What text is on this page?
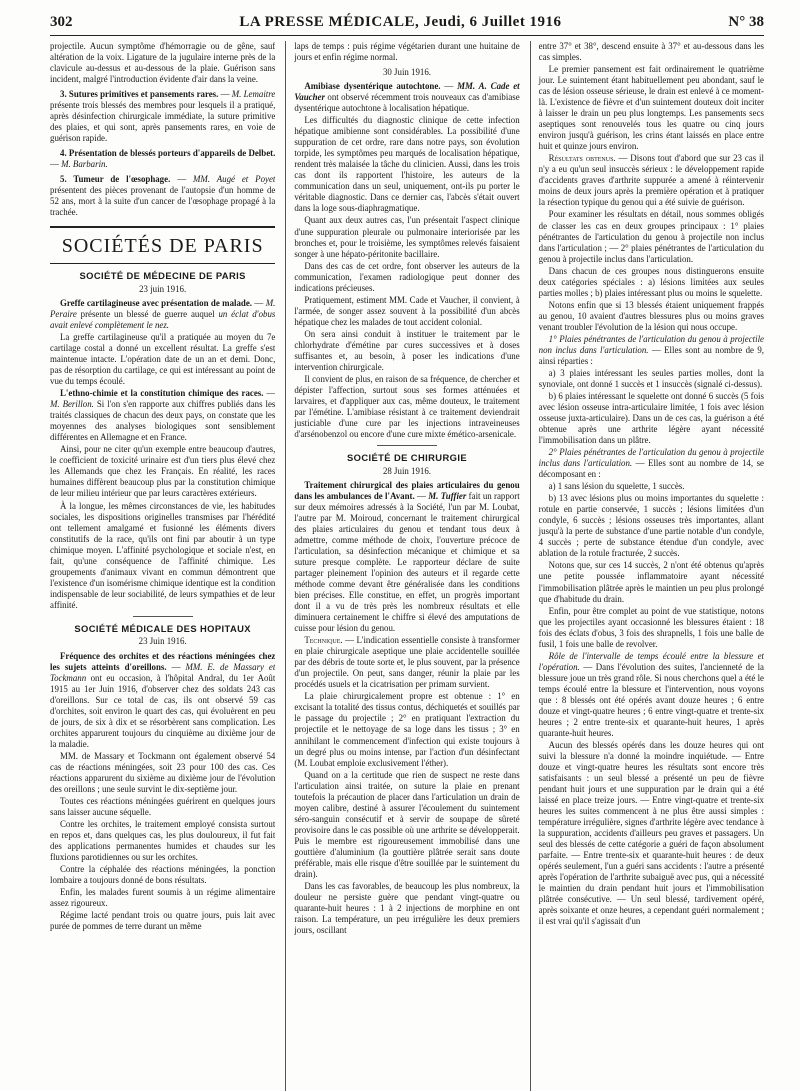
302	LA PRESSE MÉDICALE, Jeudi, 6 Juillet 1916	N° 38

projectile. Aucun symptôme d'hémorragie ou de gêne, sauf altération de la voix. Ligature de la jugulaire interne près de la clavicule au-dessus et au-dessous de la plaie. Guérison sans incident, malgré l'introduction évidente d'air dans la veine.

3. Sutures primitives et pansements rares. — M. Lemaitre présente trois blessés des membres pour lesquels il a pratiqué, après désinfection chirurgicale immédiate, la suture primitive des plaies, et qui sont, après pansements rares, en voie de guérison rapide.
4. Présentation de blessés porteurs d'appareils de Delbet. — M. Barbarin.
5. Tumeur de l'œsophage. — MM. Augé et Poyet présentent des pièces provenant de l'autopsie d'un homme de 52 ans, mort à la suite d'un cancer de l'œsophage propagé à la trachée.
SOCIÉTÉS DE PARIS
SOCIÉTÉ DE MÉDECINE DE PARIS
23 juin 1916.

Greffe cartilagineuse avec présentation de malade. — M. Peraire présente un blessé de guerre auquel un éclat d'obus avait enlevé complètement le nez.

La greffe cartilagineuse qu'il a pratiquée au moyen du 7e cartilage costal a donné un excellent résultat. La greffe s'est maintenue intacte. L'opération date de un an et demi. Donc, pas de résorption du cartilage, ce qui est intéressant au point de vue du temps écoulé.

L'ethno-chimie et la constitution chimique des races. — M. Berillon. Si l'on s'en rapporte aux chiffres publiés dans les traités classiques de chacun des deux pays, on constate que les moyennes des analyses biologiques sont sensiblement différentes en Allemagne et en France.

Ainsi, pour ne citer qu'un exemple entre beaucoup d'autres, le coefficient de toxicité urinaire est d'un tiers plus élevé chez les Allemands que chez les Français. En réalité, les races humaines diffèrent beaucoup plus par la constitution chimique de leur milieu intérieur que par leurs caractères extérieurs.

À la longue, les mêmes circonstances de vie, les habitudes sociales, les dispositions originelles transmises par l'hérédité ont tellement amalgamé et fusionné les éléments divers constitutifs de la race, qu'ils ont fini par aboutir à un type chimique moyen. L'affinité psychologique et sociale n'est, en fait, qu'une conséquence de l'affinité chimique. Les groupements d'animaux vivant en commun démontrent que l'existence d'un isomérisme chimique identique est la condition indispensable de leur sociabilité, de leurs sympathies et de leur affinité.

SOCIÉTÉ MÉDICALE DES HOPITAUX
23 Juin 1916.

Fréquence des orchites et des réactions méningées chez les sujets atteints d'oreillons. — MM. E. de Massary et Tockmann ont eu occasion, à l'hôpital Andral, du 1er Août 1915 au 1er Juin 1916, d'observer chez des soldats 243 cas d'oreillons. Sur ce total de cas, ils ont observé 59 cas d'orchites, soit environ le quart des cas, qui évoluèrent en peu de jours, de six à dix et se résorbèrent sans complication. Les orchites apparurent toujours du cinquième au dixième jour de la maladie.

MM. de Massary et Tockmann ont également observé 54 cas de réactions méningées, soit 23 pour 100 des cas. Ces réactions apparurent du sixième au dixième jour de l'évolution des oreillons ; une seule survint le dix-septième jour.

Toutes ces réactions méningées guérirent en quelques jours sans laisser aucune séquelle.

Contre les orchites, le traitement employé consista surtout en repos et, dans quelques cas, les plus douloureux, il fut fait des applications permanentes humides et chaudes sur les fluxions parotidiennes ou sur les orchites.

Contre la céphalée des réactions méningées, la ponction lombaire a toujours donné de bons résultats.

Enfin, les malades furent soumis à un régime alimentaire assez rigoureux.

Régime lacté pendant trois ou quatre jours, puis lait avec purée de pommes de terre durant un même

laps de temps : puis régime végétarien durant une huitaine de jours et enfin régime normal.

30 Juin 1916.

Amibiase dysentérique autochtone. — MM. A. Cade et Vaucher ont observé récemment trois nouveaux cas d'amibiase dysentérique autochtone à localisation hépatique.

Les difficultés du diagnostic clinique de cette infection hépatique amibienne sont considérables. La possibilité d'une suppuration de cet ordre, rare dans notre pays, son évolution torpide, les symptômes peu marqués de localisation hépatique, rendent très malaisée la tâche du clinicien. Aussi, dans les trois cas dont ils rapportent l'histoire, les auteurs de la communication dans un seul, uniquement, ont-ils pu porter le véritable diagnostic. Dans ce dernier cas, l'abcès s'était ouvert dans la loge sous-diaphragmatique.

Quant aux deux autres cas, l'un présentait l'aspect clinique d'une suppuration pleurale ou pulmonaire interiorisée par les bronches et, pour le troisième, les symptômes relevés faisaient songer à une hépato-péritonite bacillaire.

Dans des cas de cet ordre, font observer les auteurs de la communication, l'examen radiologique peut donner des indications précieuses.

Pratiquement, estiment MM. Cade et Vaucher, il convient, à l'armée, de songer assez souvent à la possibilité d'un abcès hépatique chez les malades de tout accident colonial.

On sera ainsi conduit à instituer le traitement par le chlorhydrate d'émétine par cures successives et à doses suffisantes et, au besoin, à poser les indications d'une intervention chirurgicale.

Il convient de plus, en raison de sa fréquence, de chercher et dépister l'affection, surtout sous ses formes atténuées et larvaires, et d'appliquer aux cas, même douteux, le traitement par l'émétine. L'amibiase résistant à ce traitement deviendrait justiciable d'une cure par les injections intraveineuses d'arsénobenzol ou encore d'une cure mixte émético-arsenicale.

SOCIÉTÉ DE CHIRURGIE
28 Juin 1916.

Traitement chirurgical des plaies articulaires du genou dans les ambulances de l'Avant. — M. Tuffier fait un rapport sur deux mémoires adressés à la Société, l'un par M. Loubat, l'autre par M. Moiroud, concernant le traitement chirurgical des plaies articulaires du genou et tendant tous deux à admettre, comme méthode de choix, l'ouverture précoce de l'articulation, sa désinfection mécanique et chimique et sa suture presque complète. Le rapporteur déclare de suite partager pleinement l'opinion des auteurs et il regarde cette méthode comme devant être généralisée dans les conditions bien précises. Elle constitue, en effet, un progrès important dont il a vu de très près les nombreux résultats et elle diminuera certainement le chiffre si élevé des amputations de cuisse pour lésion du genou.

Technique. — L'indication essentielle consiste à transformer en plaie chirurgicale aseptique une plaie accidentelle souillée par des débris de toute sorte et, le plus souvent, par la présence d'un projectile. On peut, sans danger, réunir la plaie par les procédés usuels et la cicatrisation per primam survient.

La plaie chirurgicalement propre est obtenue : 1° en excisant la totalité des tissus contus, déchiquetés et souillés par le passage du projectile ; 2° en pratiquant l'extraction du projectile et le nettoyage de sa loge dans les tissus ; 3° en annihilant le commencement d'infection qui existe toujours à un degré plus ou moins intense, par l'action d'un désinfectant (M. Loubat emploie exclusivement l'éther).

Quand on a la certitude que rien de suspect ne reste dans l'articulation ainsi traitée, on suture la plaie en prenant toutefois la précaution de placer dans l'articulation un drain de moyen calibre, destiné à assurer l'écoulement du suintement séro-sanguin consécutif et à servir de soupape de sûreté provisoire dans le cas possible où une arthrite se développerait. Puis le membre est rigoureusement immobilisé dans une gouttière d'aluminium (la gouttière plâtrée serait sans doute préférable, mais elle risque d'être souillée par le suintement du drain).

Dans les cas favorables, de beaucoup les plus nombreux, la douleur ne persiste guère que pendant vingt-quatre ou quarante-huit heures : 1 à 2 injections de morphine en ont raison. La température, un peu irrégulière les deux premiers jours, oscillant

entre 37° et 38°, descend ensuite à 37° et au-dessous dans les cas simples.

Le premier pansement est fait ordinairement le quatrième jour. Le suintement étant habituellement peu abondant, sauf le cas de lésion osseuse sérieuse, le drain est enlevé à ce moment-là. L'existence de fièvre et d'un suintement douteux doit inciter à laisser le drain un peu plus longtemps. Les pansements secs aseptiques sont renouvelés tous les quatre ou cinq jours environ jusqu'à guérison, les crins étant laissés en place entre huit et quinze jours environ.

Résultats obtenus. — Disons tout d'abord que sur 23 cas il n'y a eu qu'un seul insuccès sérieux : le développement rapide d'accidents graves d'arthrite suppurée a amené à réintervenir moins de deux jours après la première opération et à pratiquer la résection typique du genou qui a été suivie de guérison.

Pour examiner les résultats en détail, nous sommes obligés de classer les cas en deux groupes principaux : 1° plaies pénétrantes de l'articulation du genou à projectile non inclus dans l'articulation ; — 2° plaies pénétrantes de l'articulation du genou à projectile inclus dans l'articulation.

Dans chacun de ces groupes nous distinguerons ensuite deux catégories spéciales : a) lésions limitées aux seules parties molles ; b) plaies intéressant plus ou moins le squelette.

Notons enfin que si 13 blessés étaient uniquement frappés au genou, 10 avaient d'autres blessures plus ou moins graves venant troubler l'évolution de la lésion qui nous occupe.

1° Plaies pénétrantes de l'articulation du genou à projectile non inclus dans l'articulation. — Elles sont au nombre de 9, ainsi réparties :

a) 3 plaies intéressant les seules parties molles, dont la synoviale, ont donné 1 succès et 1 insuccès (signalé ci-dessus).

b) 6 plaies intéressant le squelette ont donné 6 succès (5 fois avec lésion osseuse intra-articulaire limitée, 1 fois avec lésion osseuse juxta-articulaire). Dans un de ces cas, la guérison a été obtenue après une arthrite légère ayant nécessité l'immobilisation dans un plâtre.

2° Plaies pénétrantes de l'articulation du genou à projectile inclus dans l'articulation. — Elles sont au nombre de 14, se décomposant en :

a) 1 sans lésion du squelette, 1 succès.

b) 13 avec lésions plus ou moins importantes du squelette : rotule en partie conservée, 1 succès ; lésions limitées d'un condyle, 6 succès ; lésions osseuses très importantes, allant jusqu'à la perte de substance d'une partie notable d'un condyle, 4 succès ; perte de substance étendue d'un condyle, avec ablation de la rotule fracturée, 2 succès.

Notons que, sur ces 14 succès, 2 n'ont été obtenus qu'après une petite poussée inflammatoire ayant nécessité l'immobilisation plâtrée après le maintien un peu plus prolongé que d'habitude du drain.

Enfin, pour être complet au point de vue statistique, notons que les projectiles ayant occasionné les blessures étaient : 18 fois des éclats d'obus, 3 fois des shrapnells, 1 fois une balle de fusil, 1 fois une balle de revolver.

Rôle de l'intervalle de temps écoulé entre la blessure et l'opération. — Dans l'évolution des suites, l'ancienneté de la blessure joue un très grand rôle. Si nous cherchons quel a été le temps écoulé entre la blessure et l'intervention, nous voyons que : 8 blessés ont été opérés avant douze heures ; 6 entre douze et vingt-quatre heures ; 6 entre vingt-quatre et trente-six heures ; 2 entre trente-six et quarante-huit heures, 1 après quarante-huit heures.

Aucun des blessés opérés dans les douze heures qui ont suivi la blessure n'a donné la moindre inquiétude. — Entre douze et vingt-quatre heures les résultats sont encore très satisfaisants : un seul blessé a présenté un peu de fièvre pendant huit jours et une suppuration par le drain qui a été laissé en place treize jours. — Entre vingt-quatre et trente-six heures les suites commencent à ne plus être aussi simples : température irrégulière, signes d'arthrite légère avec tendance à la suppuration, accidents d'ailleurs peu graves et passagers. Un seul des blessés de cette catégorie a guéri de façon absolument parfaite. — Entre trente-six et quarante-huit heures : de deux opérés seulement, l'un a guéri sans accidents : l'autre a présenté après l'opération de l'arthrite subaiguë avec pus, qui a nécessité le maintien du drain pendant huit jours et l'immobilisation plâtrée consécutive. — Un seul blessé, tardivement opéré, après soixante et onze heures, a cependant guéri normalement ; il est vrai qu'il s'agissait d'un
